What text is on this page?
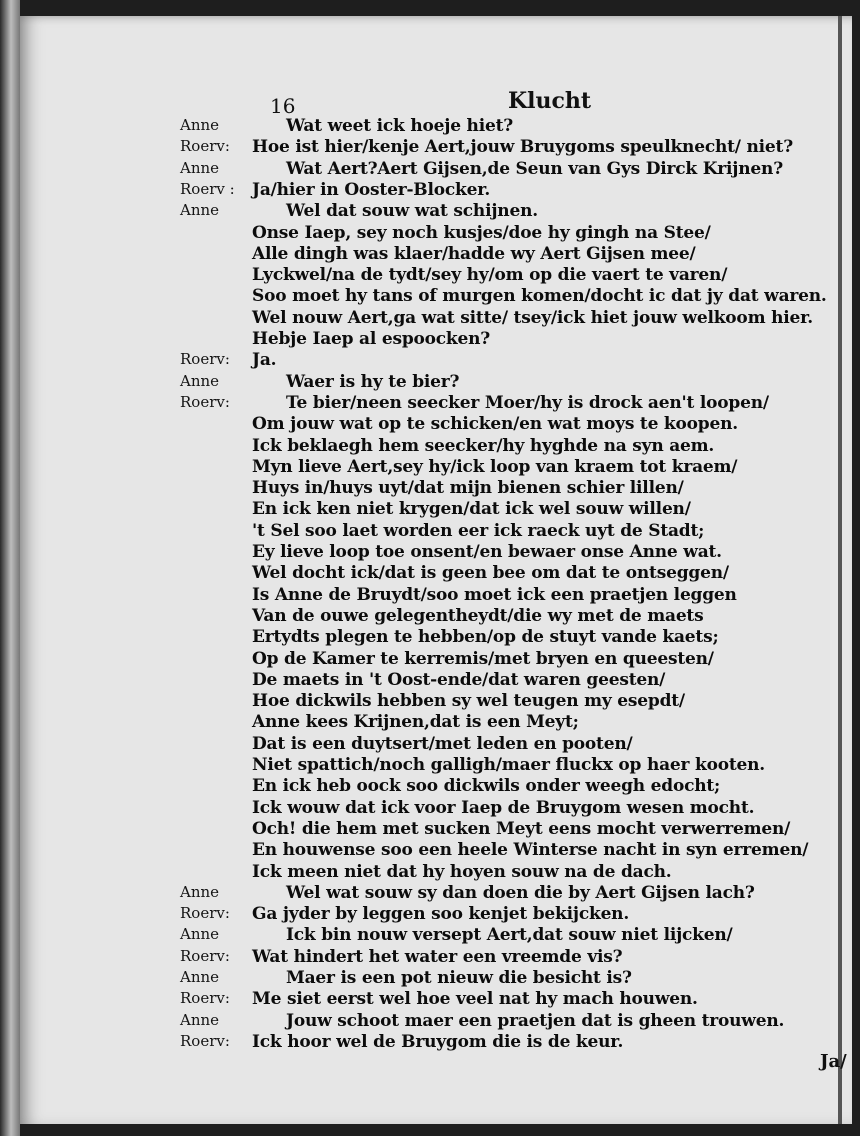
16	Klucht
Anne	Wat weet ick hoeje hiet?
Roerv: Hoe ist hier/kenje Aert,jouw Bruygoms speulknecht/ niet?
Anne	Wat Aert?Aert Gijsen,de Seun van Gys Dirck Krijnen?
Roerv : Ja/hier in Ooster-Blocker.
Anne	Wel dat souw wat schijnen.
Onse Iaep, sey noch kusjes/doe hy gingh na Stee/
Alle dingh was klaer/hadde wy Aert Gijsen mee/
Lyckwel/na de tydt/sey hy/om op die vaert te varen/
Soo moet hy tans of murgen komen/docht ic dat jy dat waren.
Wel nouw Aert,ga wat sitte/ tsey/ick hiet jouw welkoom hier.
Hebje Iaep al espoocken?
Roerv: Ja.
Anne	Waer is hy te bier?
Roerv:	Te bier/neen seecker Moer/hy is drock aen't loopen/
Om jouw wat op te schicken/en wat moys te koopen.
Ick beklaegh hem seecker/hy hyghde na syn aem.
Myn lieve Aert,sey hy/ick loop van kraem tot kraem/
Huys in/huys uyt/dat mijn bienen schier lillen/
En ick ken niet krygen/dat ick wel souw willen/
't Sel soo laet worden eer ick raeck uyt de Stadt;
Ey lieve loop toe onsent/en bewaer onse Anne wat.
Wel docht ick/dat is geen bee om dat te ontseggen/
Is Anne de Bruydt/soo moet ick een praetjen leggen
Van de ouwe gelegentheydt/die wy met de maets
Ertydts plegen te hebben/op de stuyt vande kaets;
Op de Kamer te kerremis/met bryen en queesten/
De maets in 't Oost-ende/dat waren geesten/
Hoe dickwils hebben sy wel teugen my esepdt/
Anne kees Krijnen,dat is een Meyt;
Dat is een duytsert/met leden en pooten/
Niet spattich/noch galligh/maer fluckx op haer kooten.
En ick heb oock soo dickwils onder weegh edocht;
Ick wouw dat ick voor Iaep de Bruygom wesen mocht.
Och! die hem met sucken Meyt eens mocht verwerremen/
En houwense soo een heele Winterse nacht in syn erremen/
Ick meen niet dat hy hoyen souw na de dach.
Anne	Wel wat souw sy dan doen die by Aert Gijsen lach?
Roerv: Ga jyder by leggen soo kenjet bekijcken.
Anne	Ick bin nouw versept Aert,dat souw niet lijcken/
Roerv: Wat hindert het water een vreemde vis?
Anne	Maer is een pot nieuw die besicht is?
Roerv: Me siet eerst wel hoe veel nat hy mach houwen.
Anne	Jouw schoot maer een praetjen dat is gheen trouwen.
Roerv: Ick hoor wel de Bruygom die is de keur.
Ja/
